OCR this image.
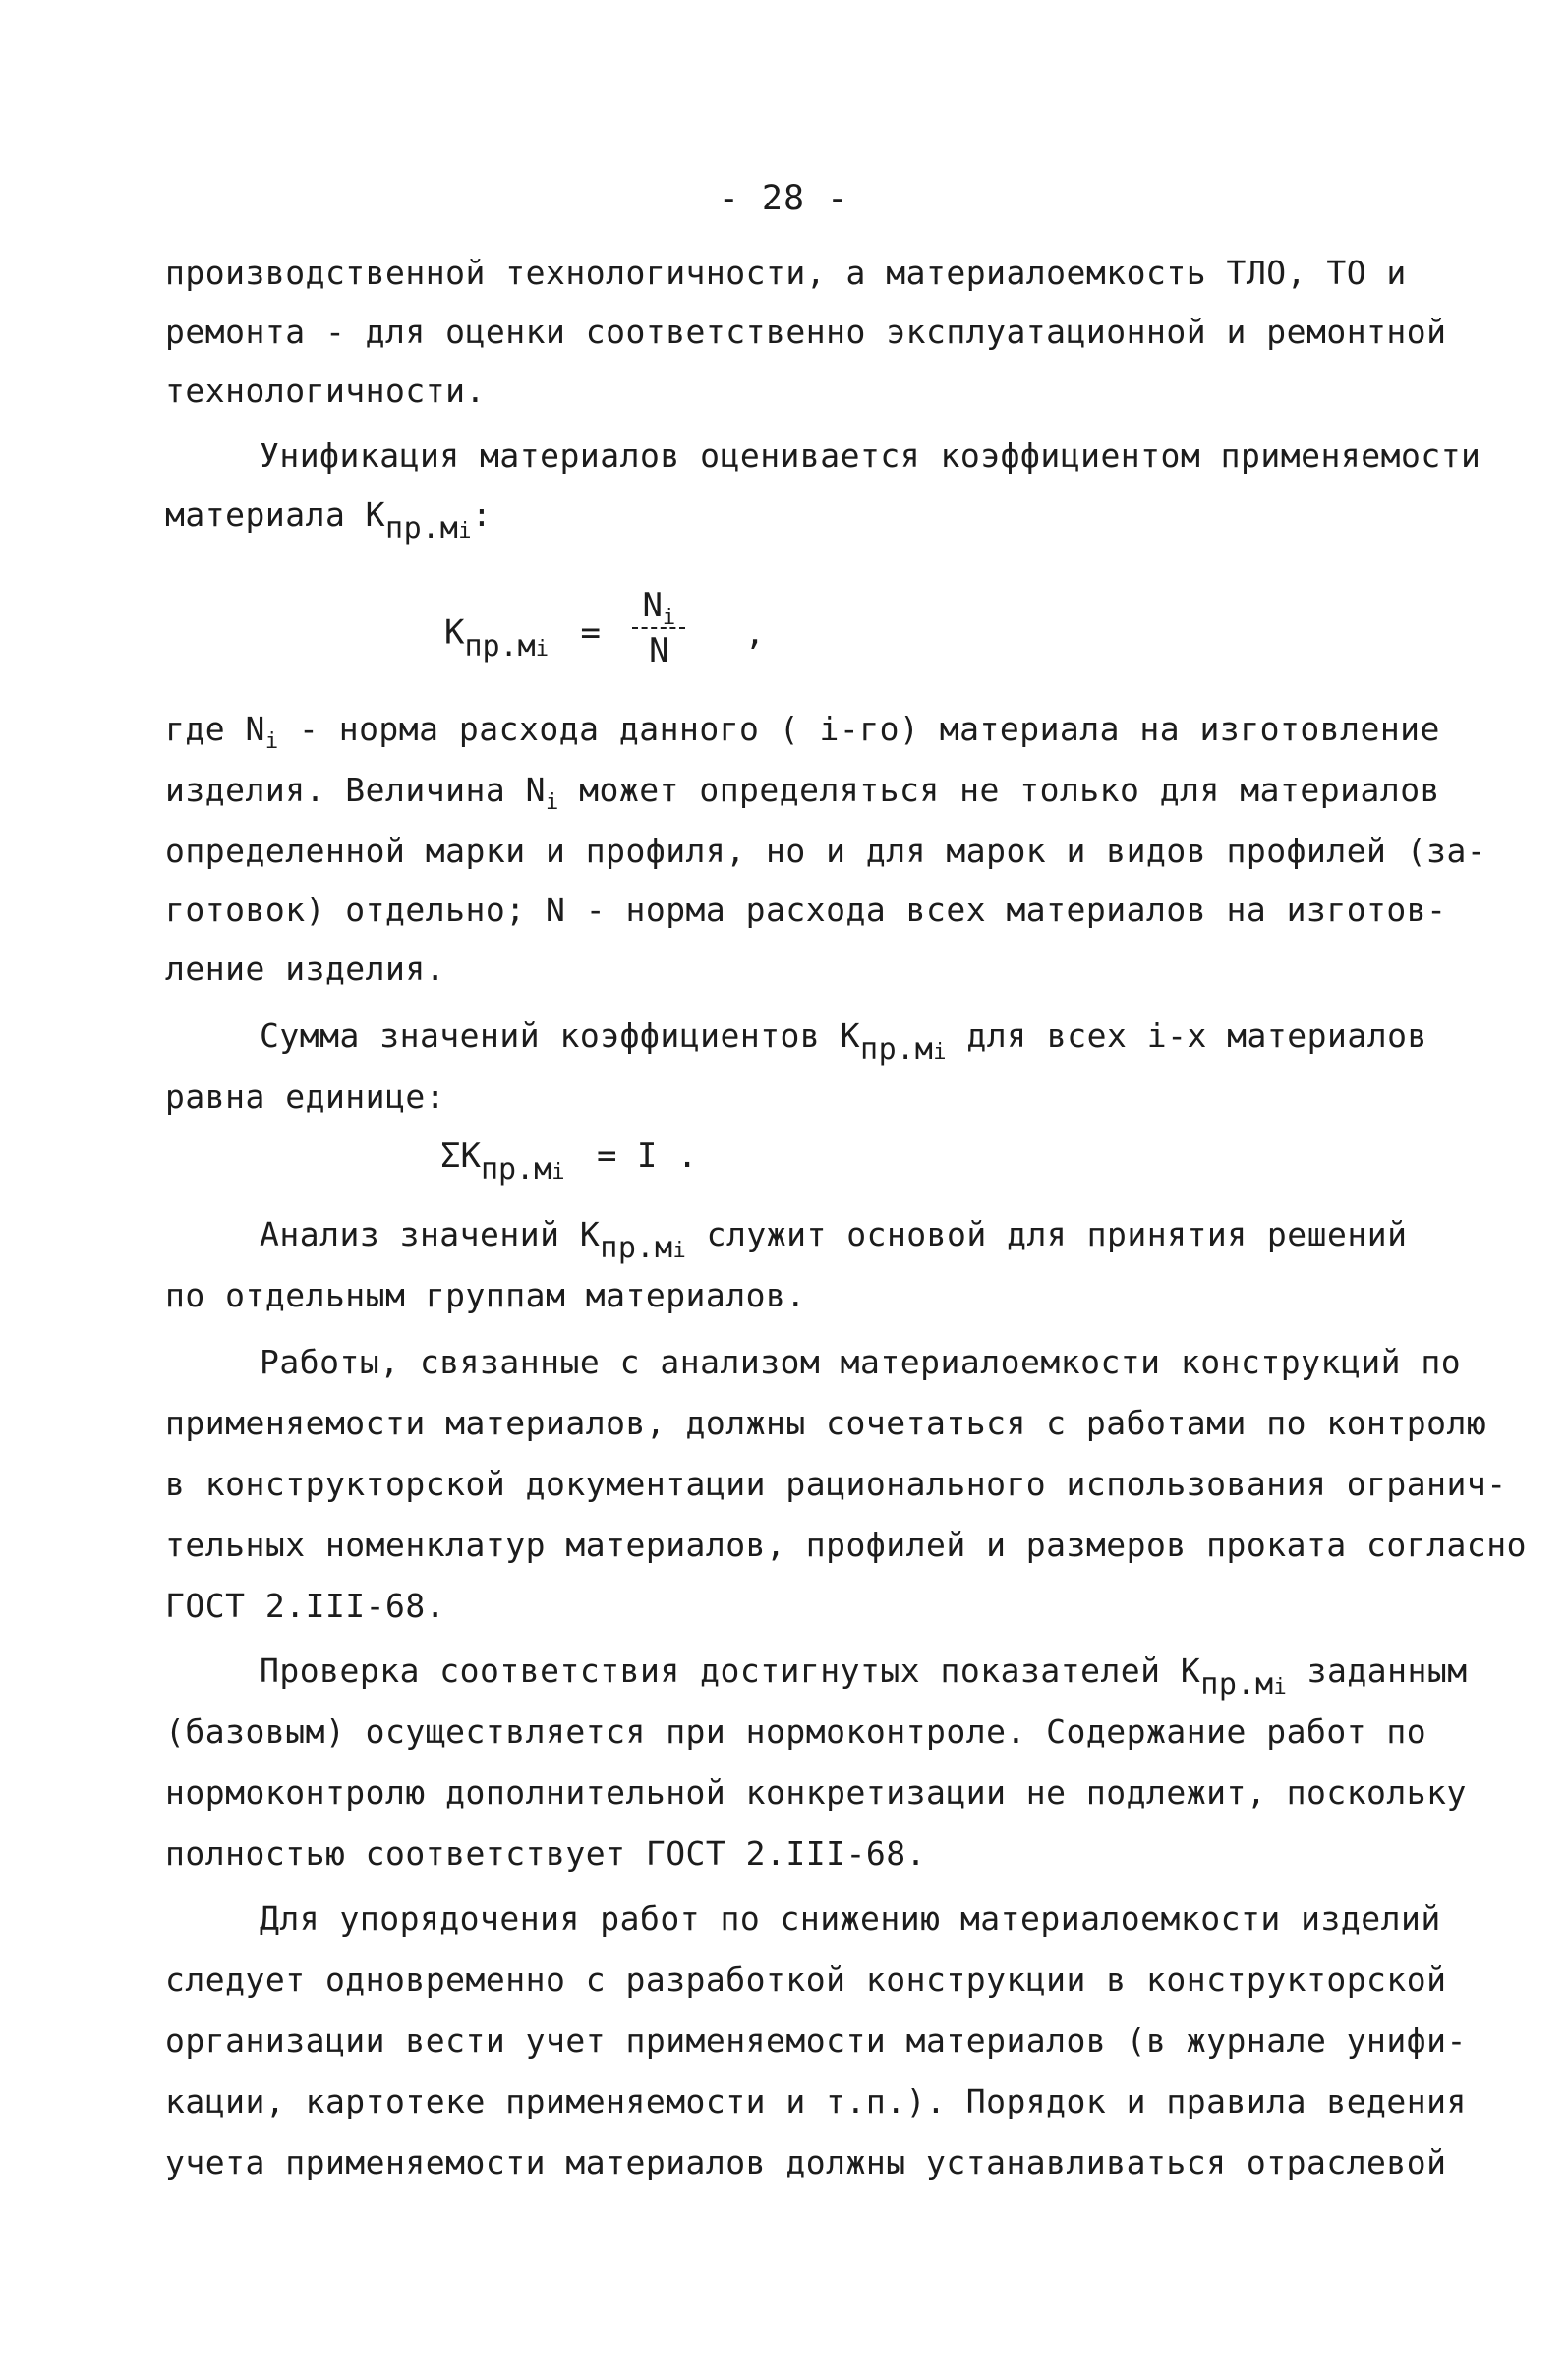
- 28 -
производственной технологичности, а материалоемкость ТЛО, ТО и
ремонта - для оценки соответственно эксплуатационной и ремонтной
технологичности.
Унификация материалов оценивается коэффициентом применяемости
материала Кпр.мi:
$Кпр.мi = \frac{N_i}{N}$ ,
где $N_i$ - норма расхода данного ( i-го) материала на изготовление
изделия. Величина $N_i$ может определяться не только для материалов
определенной марки и профиля, но и для марок и видов профилей (за-
готовок) отдельно; N - норма расхода всех материалов на изготов-
ление изделия.
Сумма значений коэффициентов Кпр.мi для всех i-х материалов
равна единице:
ΣКпр.мi = I .
Анализ значений Кпр.мi служит основой для принятия решений
по отдельным группам материалов.
Работы, связанные с анализом материалоемкости конструкций по
применяемости материалов, должны сочетаться с работами по контролю
в конструкторской документации рационального использования огранич-
тельных номенклатур материалов, профилей и размеров проката согласно
ГОСТ 2.III-68.
Проверка соответствия достигнутых показателей Кпр.мi заданным
(базовым) осуществляется при нормоконтроле. Содержание работ по
нормоконтролю дополнительной конкретизации не подлежит, поскольку
полностью соответствует ГОСТ 2.III-68.
Для упорядочения работ по снижению материалоемкости изделий
следует одновременно с разработкой конструкции в конструкторской
организации вести учет применяемости материалов (в журнале унифи-
кации, картотеке применяемости и т.п.). Порядок и правила ведения
учета применяемости материалов должны устанавливаться отраслевой
